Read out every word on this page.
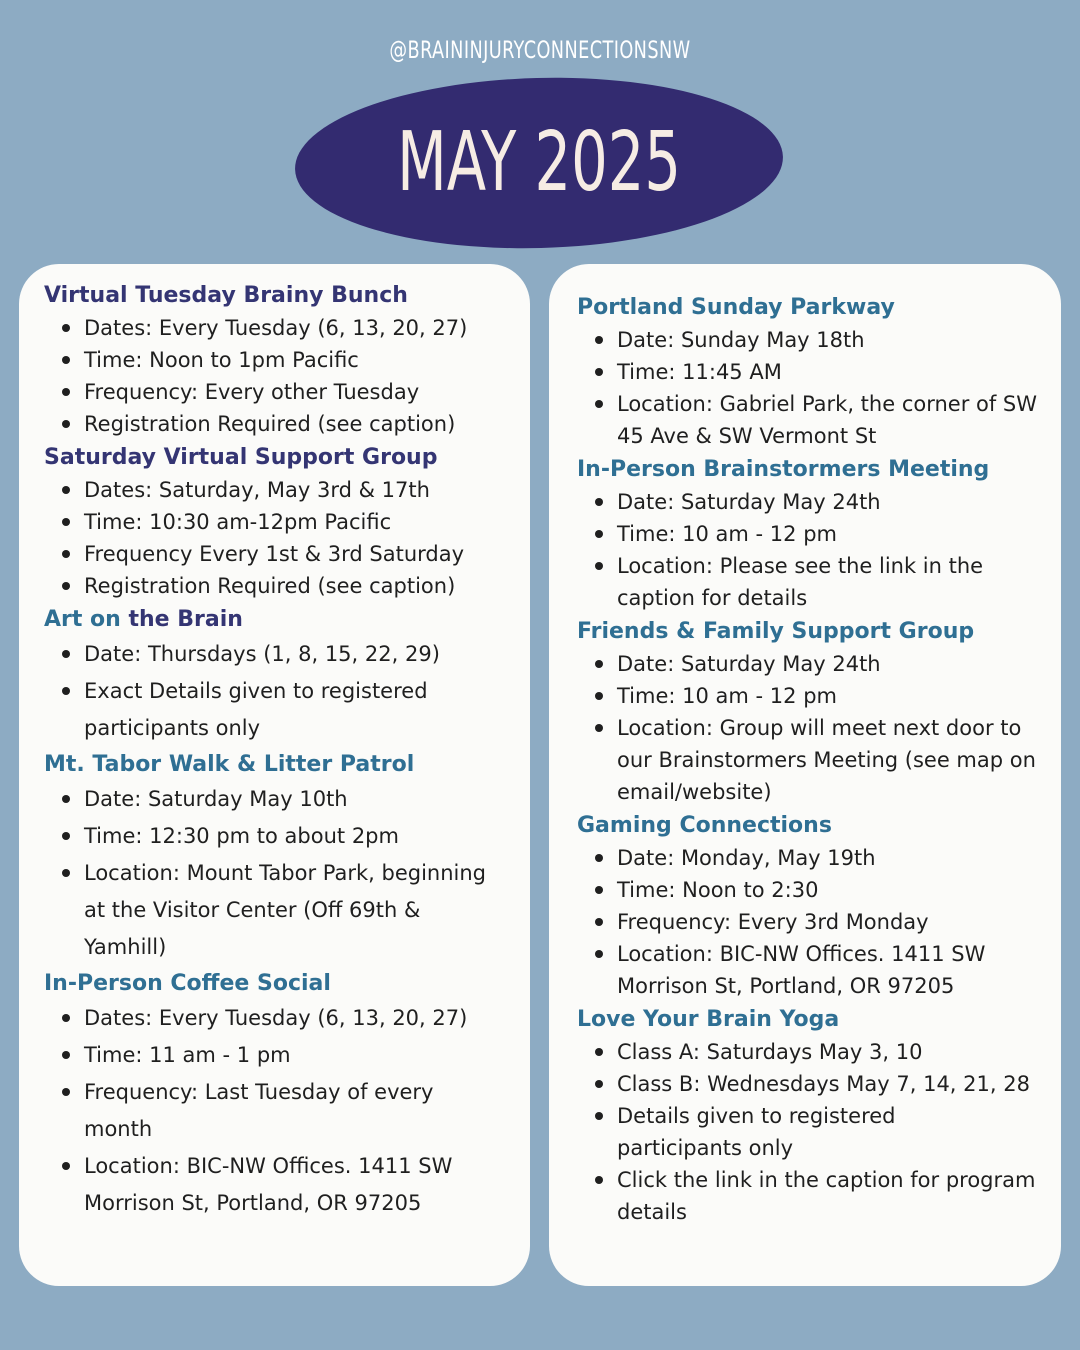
@BRAININJURYCONNECTIONSNW
MAY 2025
Virtual Tuesday Brainy Bunch
Dates: Every Tuesday (6, 13, 20, 27)
Time: Noon to 1pm Pacific
Frequency: Every other Tuesday
Registration Required (see caption)
Saturday Virtual Support Group
Dates: Saturday, May 3rd & 17th
Time: 10:30 am-12pm Pacific
Frequency Every 1st & 3rd Saturday
Registration Required (see caption)
Art on the Brain
Date: Thursdays (1, 8, 15, 22, 29)
Exact Details given to registered participants only
Mt. Tabor Walk & Litter Patrol
Date: Saturday May 10th
Time: 12:30 pm to about 2pm
Location: Mount Tabor Park, beginning at the Visitor Center (Off 69th & Yamhill)
In-Person Coffee Social
Dates: Every Tuesday (6, 13, 20, 27)
Time: 11 am - 1 pm
Frequency: Last Tuesday of every month
Location: BIC-NW Offices. 1411 SW Morrison St, Portland, OR 97205
Portland Sunday Parkway
Date: Sunday May 18th
Time: 11:45 AM
Location: Gabriel Park, the corner of SW 45 Ave & SW Vermont St
In-Person Brainstormers Meeting
Date: Saturday May 24th
Time: 10 am - 12 pm
Location: Please see the link in the caption for details
Friends & Family Support Group
Date: Saturday May 24th
Time: 10 am - 12 pm
Location: Group will meet next door to our Brainstormers Meeting (see map on email/website)
Gaming Connections
Date: Monday, May 19th
Time: Noon to 2:30
Frequency: Every 3rd Monday
Location: BIC-NW Offices. 1411 SW Morrison St, Portland, OR 97205
Love Your Brain Yoga
Class A: Saturdays May 3, 10
Class B: Wednesdays May 7, 14, 21, 28
Details given to registered participants only
Click the link in the caption for program details
